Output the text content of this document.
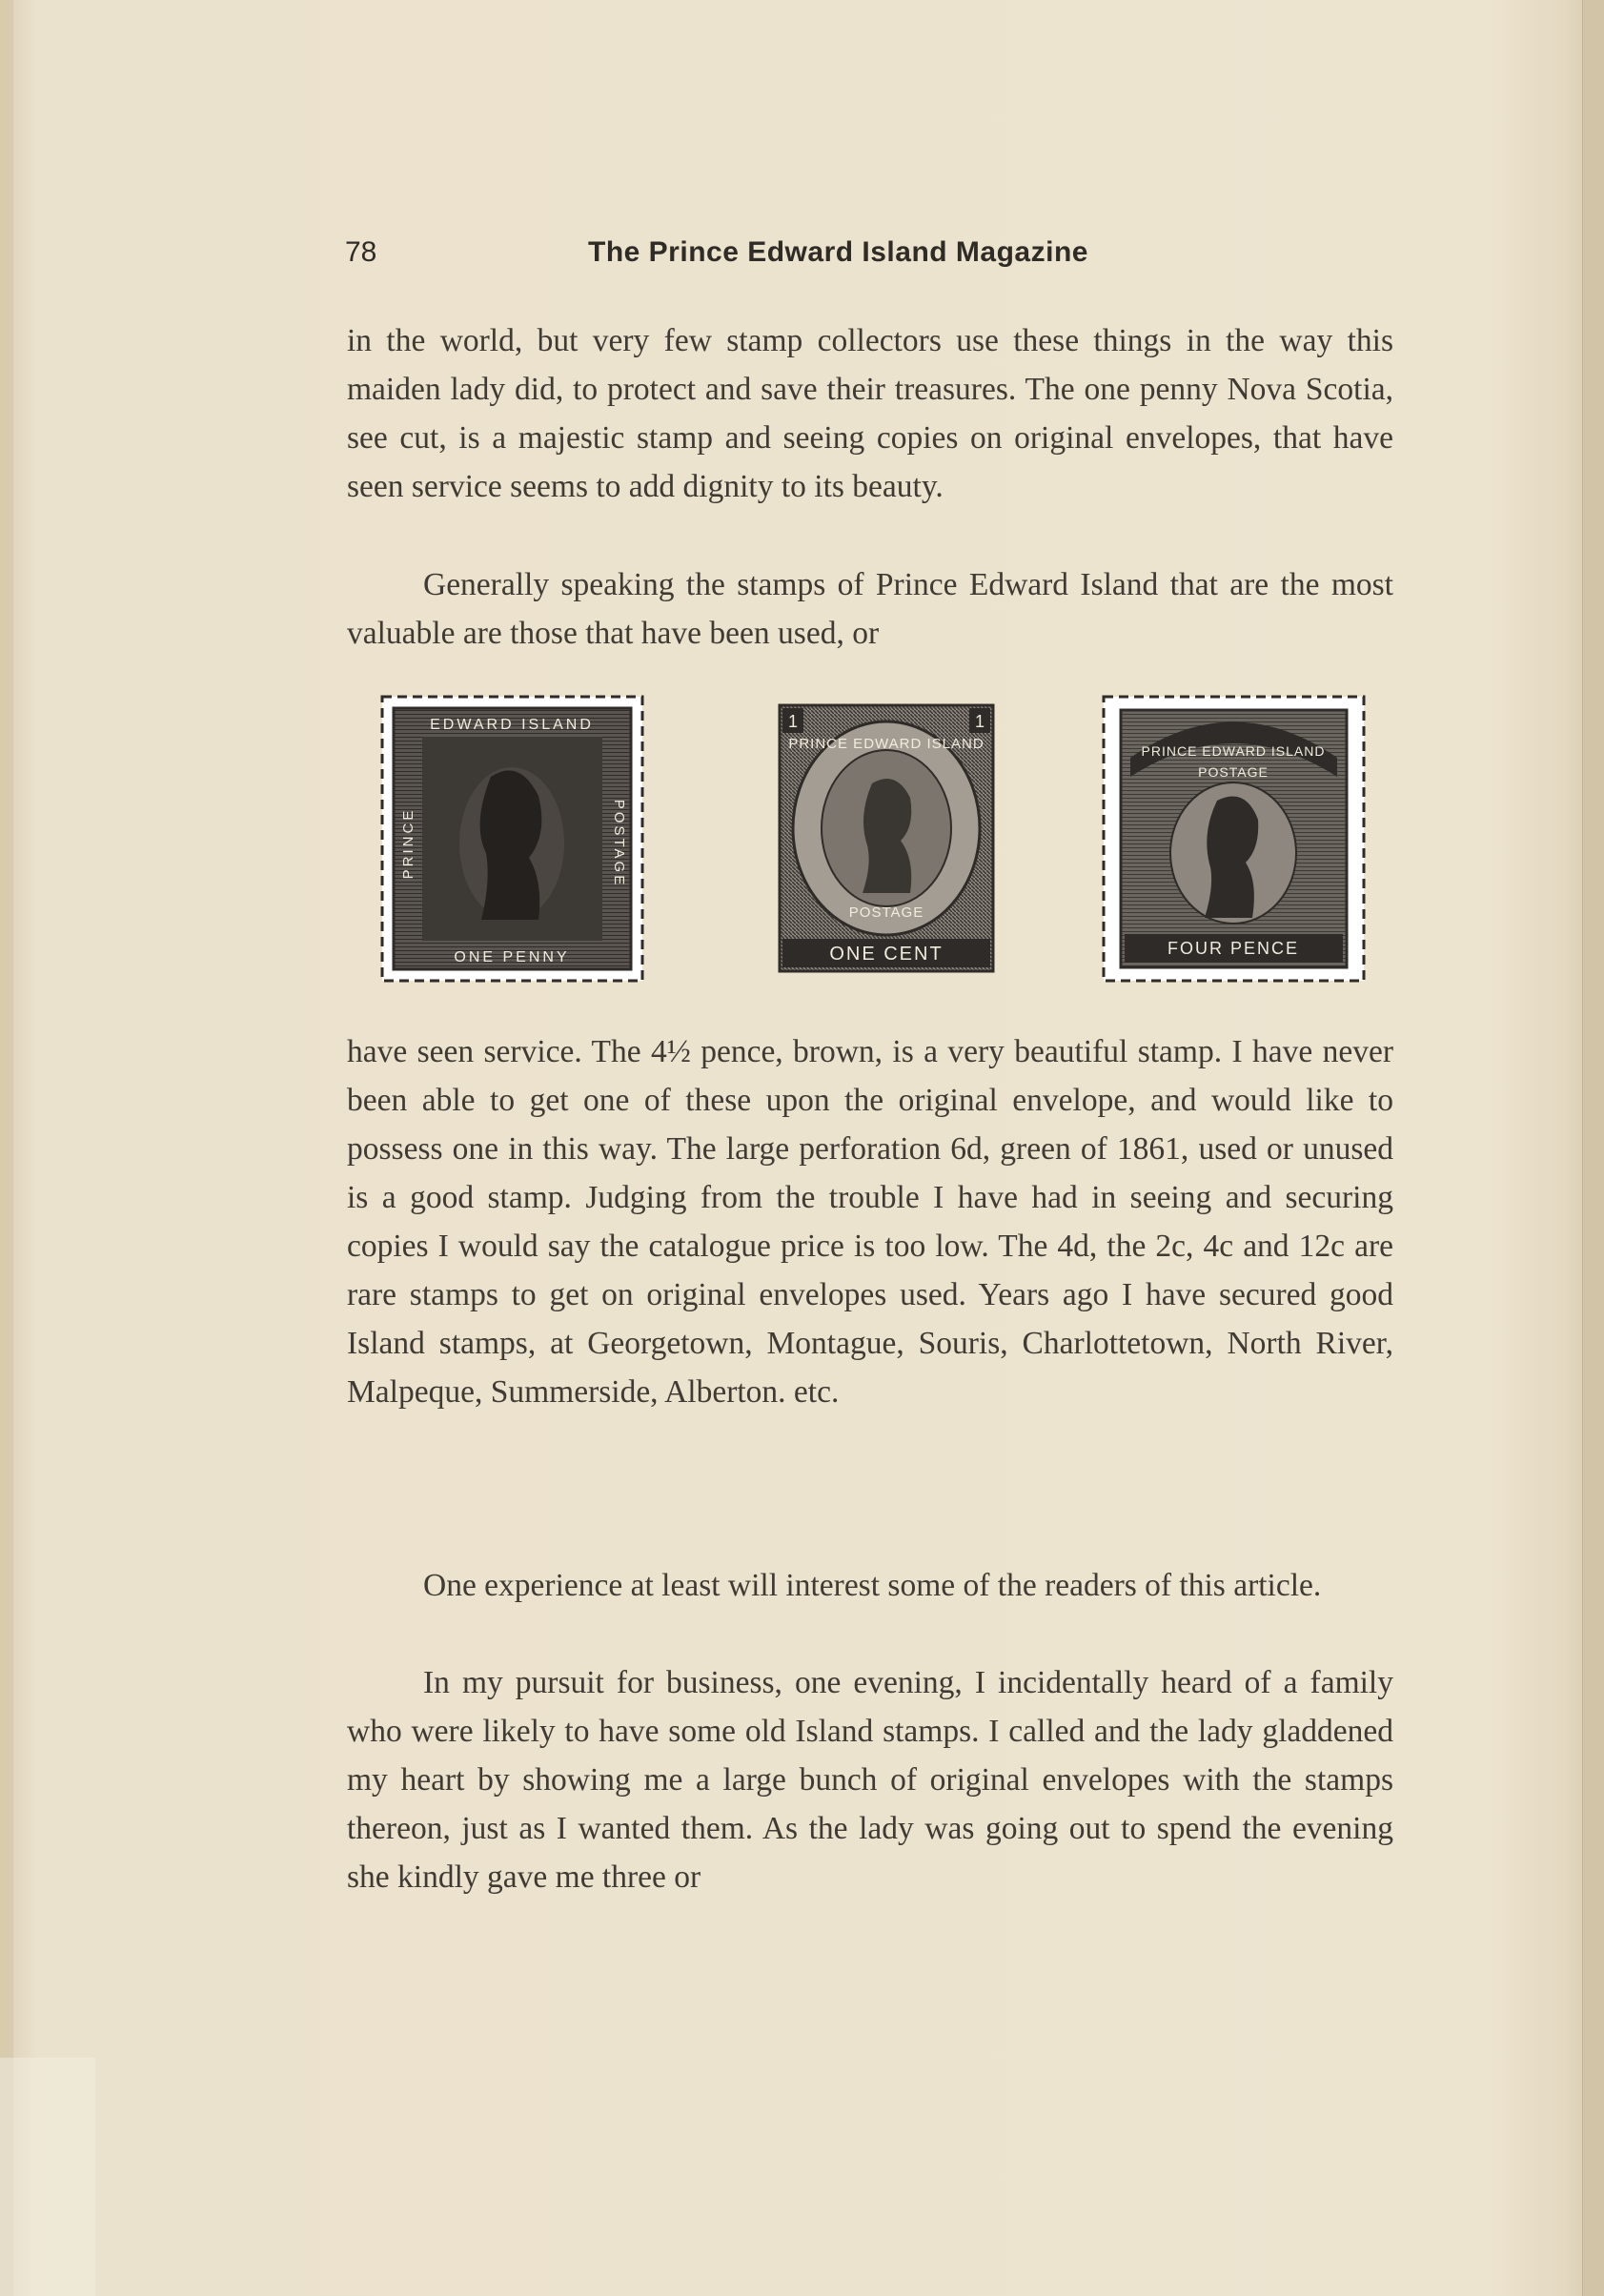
78	The Prince Edward Island Magazine

in the world, but very few stamp collectors use these things in the way this maiden lady did, to protect and save their treasures. The one penny Nova Scotia, see cut, is a majestic stamp and seeing copies on original envelopes, that have seen service seems to add dignity to its beauty.

Generally speaking the stamps of Prince Edward Island that are the most valuable are those that have been used, or

EDWARD ISLAND
ONE PENNY
PRINCE	POSTAGE
PRINCE EDWARD ISLAND
POSTAGE
ONE CENT
1	1
PRINCE EDWARD ISLAND
POSTAGE
FOUR PENCE

have seen service. The 4½ pence, brown, is a very beautiful stamp. I have never been able to get one of these upon the original envelope, and would like to possess one in this way. The large perforation 6d, green of 1861, used or unused is a good stamp. Judging from the trouble I have had in seeing and securing copies I would say the catalogue price is too low. The 4d, the 2c, 4c and 12c are rare stamps to get on original envelopes used. Years ago I have secured good Island stamps, at Georgetown, Montague, Souris, Charlottetown, North River, Malpeque, Summerside, Alberton. etc.

One experience at least will interest some of the readers of this article.

In my pursuit for business, one evening, I incidentally heard of a family who were likely to have some old Island stamps. I called and the lady gladdened my heart by showing me a large bunch of original envelopes with the stamps thereon, just as I wanted them. As the lady was going out to spend the evening she kindly gave me three or
